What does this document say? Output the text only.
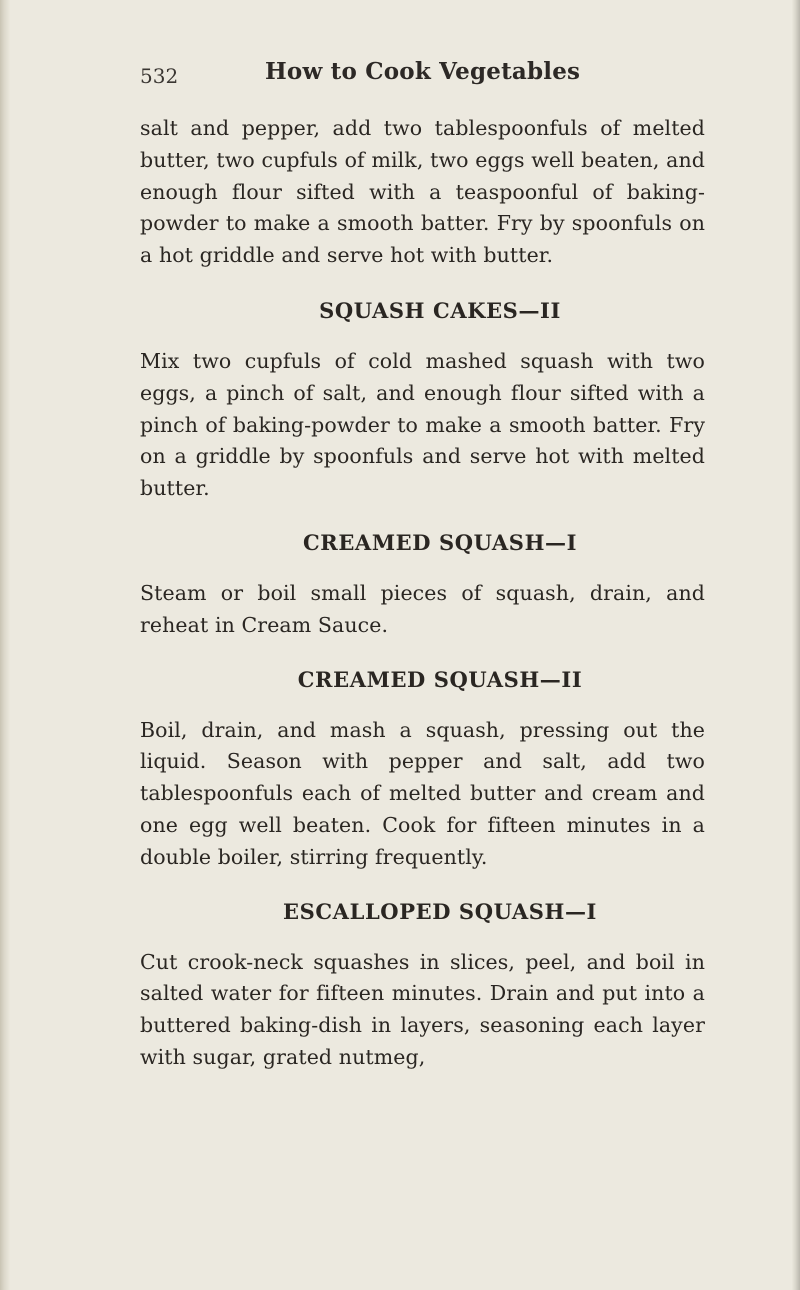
532	How to Cook Vegetables

salt and pepper, add two tablespoonfuls of melted butter, two cupfuls of milk, two eggs well beaten, and enough flour sifted with a teaspoonful of baking-powder to make a smooth batter. Fry by spoonfuls on a hot griddle and serve hot with butter.

SQUASH CAKES—II

Mix two cupfuls of cold mashed squash with two eggs, a pinch of salt, and enough flour sifted with a pinch of baking-powder to make a smooth batter. Fry on a griddle by spoonfuls and serve hot with melted butter.

CREAMED SQUASH—I

Steam or boil small pieces of squash, drain, and reheat in Cream Sauce.

CREAMED SQUASH—II

Boil, drain, and mash a squash, pressing out the liquid. Season with pepper and salt, add two tablespoonfuls each of melted butter and cream and one egg well beaten. Cook for fifteen minutes in a double boiler, stirring frequently.

ESCALLOPED SQUASH—I

Cut crook-neck squashes in slices, peel, and boil in salted water for fifteen minutes. Drain and put into a buttered baking-dish in layers, seasoning each layer with sugar, grated nutmeg,
